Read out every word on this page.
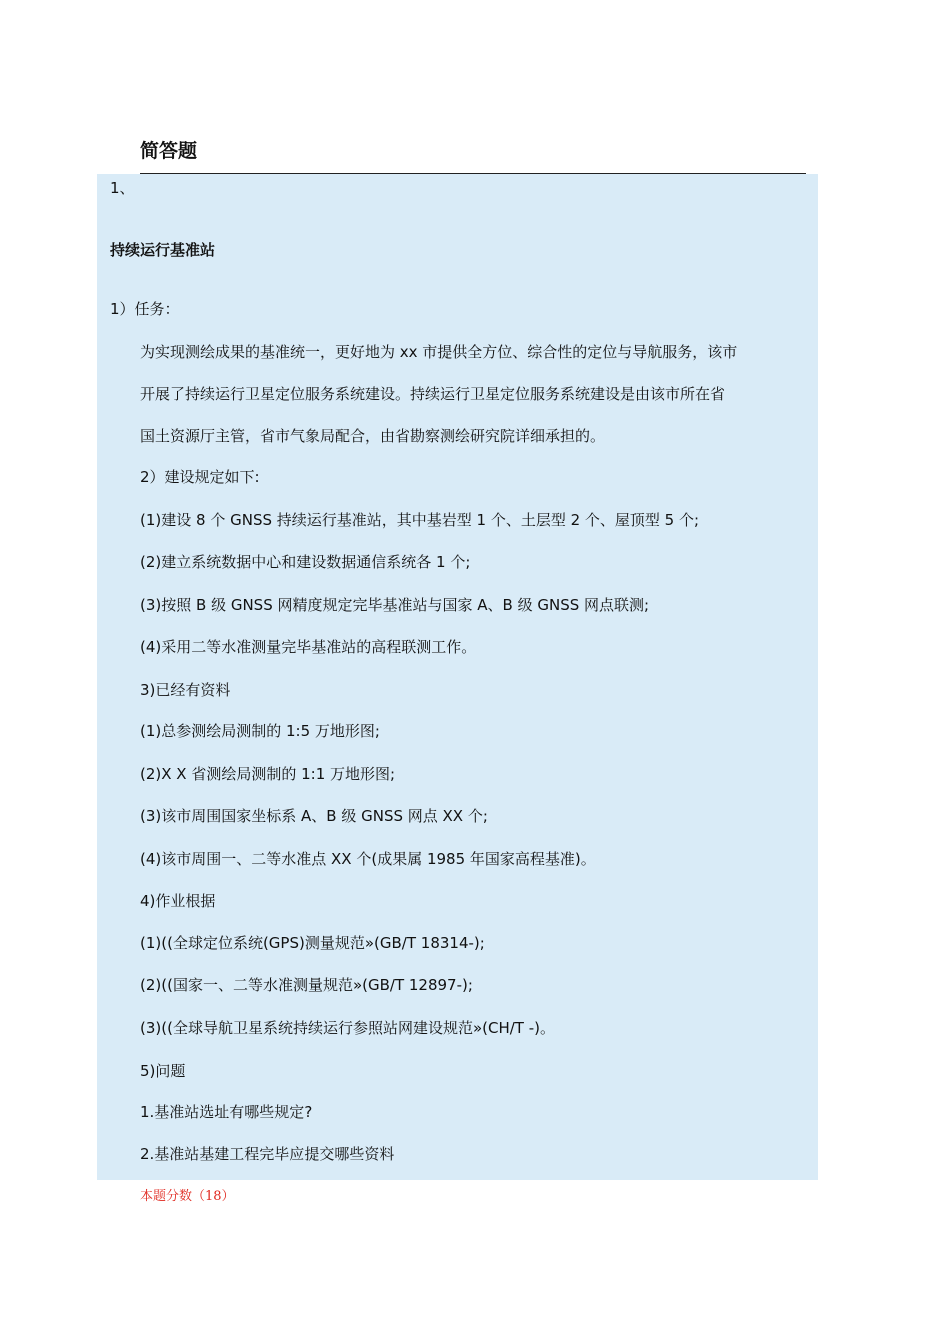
简答题
1、
持续运行基准站
1）任务：
为实现测绘成果的基准统一，更好地为 xx 市提供全方位、综合性的定位与导航服务，该市
开展了持续运行卫星定位服务系统建设。持续运行卫星定位服务系统建设是由该市所在省
国土资源厅主管，省市气象局配合，由省勘察测绘研究院详细承担的。
2）建设规定如下:
(1)建设 8 个 GNSS 持续运行基准站，其中基岩型 1 个、土层型 2 个、屋顶型 5 个;
(2)建立系统数据中心和建设数据通信系统各 1 个;
(3)按照 B 级 GNSS 网精度规定完毕基准站与国家 A、B 级 GNSS 网点联测;
(4)采用二等水准测量完毕基准站的高程联测工作。
3)已经有资料
(1)总参测绘局测制的 1:5 万地形图;
(2)X X 省测绘局测制的 1:1 万地形图;
(3)该市周围国家坐标系 A、B 级 GNSS 网点 XX 个;
(4)该市周围一、二等水准点 XX 个(成果属 1985 年国家高程基准)。
4)作业根据
(1)((全球定位系统(GPS)测量规范»(GB/T 18314-);
(2)((国家一、二等水准测量规范»(GB/T 12897-);
(3)((全球导航卫星系统持续运行参照站网建设规范»(CH/T -)。
5)问题
1.基准站选址有哪些规定?
2.基准站基建工程完毕应提交哪些资料
本题分数（18）
